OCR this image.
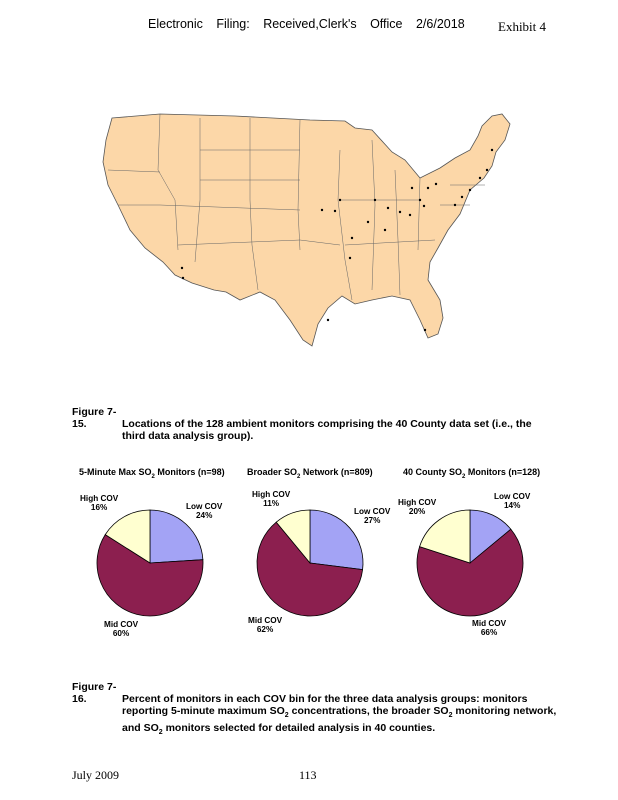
Electronic Filing: Received,Clerk's Office 2/6/2018	Exhibit 4
Figure 7-15.	Locations of the 128 ambient monitors comprising the 40 County data set (i.e., the
third data analysis group).
5-Minute Max $SO_2$ Monitors (n=98) Broader $SO_2$ Network (n=809)	40 County $SO_2$ Monitors (n=128)
High COV
16%	Low COV
24%
Mid COV
60%
High COV
11%
Low COV
27%
Mid COV
62%
High COV
20%
Low COV
14%
Mid COV
66%
Figure 7-16.	Percent of monitors in each COV bin for the three data analysis groups: monitors
reporting 5-minute maximum $SO_2$ concentrations, the broader $SO_2$ monitoring network,
and $SO_2$ monitors selected for detailed analysis in 40 counties.
July 2009	113
